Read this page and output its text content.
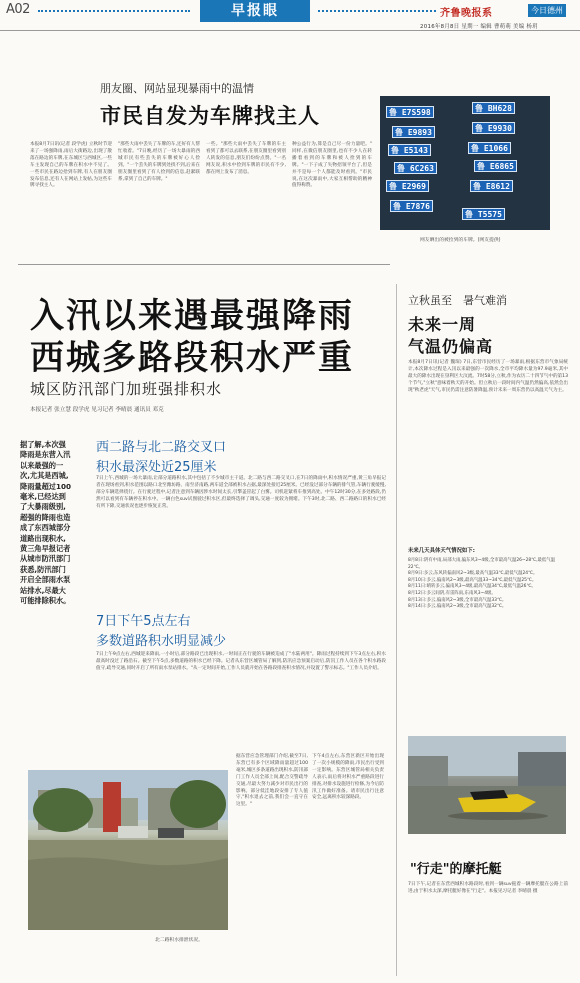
A02	早报眼	齐鲁晚报系	今日德州
2016年8月8日 星期一 编辑 曹萌萌 美编 杨玥
朋友圈、网站显现暴雨中的温情
市民自发为车牌找主人
本报8月7日讯(记者 段学虎) 立秋时节迎来了一场强降雨,雨后大街路边,出现了散落在路边的车牌,在东城区与西城区,一些车主发现自己的车牌在积水中不见了。一些市民在路边拾到车牌,有人在朋友圈发布信息,还有人在网站上发帖,为这些车牌寻找主人。
"那些大雨中丢失了车牌的车,还好有人帮忙收着。"7日晚,经历了一场大暴雨的西城市民有些丢失的车牌被好心人捡到。"一个丢失的车牌到处找不到,后来在朋友圈里看到了有人捡到的信息,赶紧联系,拿到了自己的车牌。"
一些。"那些大雨中丢失了车牌的车主看到了都可以去联系,在朋友圈里看到别人转发的信息,朋友们纷纷点赞。"一名网友说,积水中捡到车牌的市民有不少,都在网上发布了消息。
种公益行为,算是自己尽一份力量吧。" 同样,在微信朋友圈里,也有不少人在转播着看到的车牌和被人捡到的车牌。"一下子成了失物招领平台了,但是并不是每一个人都能及时看到。"市民说,在这次暴雨中,大家互相帮助的精神值得称赞。
鲁 E7S598	鲁 BH628
鲁 E9893	鲁 E9930
鲁 E5143	鲁 E1066
鲁 6C263	鲁 E6865
鲁 E2969	鲁 E8612
鲁 E7876
鲁 T5575
网友晒出的被捡到的车牌。(网友提供)
入汛以来遇最强降雨
西城多路段积水严重
城区防汛部门加班强排积水
本报记者 张立慧 段学虎 见习记者 李晴晨 通讯员 邓克
据了解,本次强降雨是东营入汛以来最强的一次,尤其是西城,降雨量超过100毫米,已经达到了大暴雨级别,超强的降雨也造成了东西城部分道路出现积水,黄三角早报记者从城市防汛部门获悉,防汛部门开启全部雨水泵站排水,尽最大可能排除积水。
西二路与北二路交叉口
积水最深处近25厘米
7日上午,西城的一场大暴雨,让部分道路积水,其中包括了不少城市主干道。北二路与西二路交叉口,在7日的降雨中,积水情况严重,黄三角早报记者在现场看到,积水范围以路口北至潍坊路、南至济南路,两车道全部被积水占据,最深处接近25厘米。已经没过部分车辆的排气管,车辆行驶缓慢,部分车辆选择绕行。在行驶过程中,记者注意到车辆因涉水时间太长,引擎盖冒起了白雾。司机赶紧将车推到高处。中午12时30分,在多处路段,仍然可以看到有车辆停在积水中。一辆白色suv试图驶过积水区,但最终选择了调头,交通一度较为拥堵。下午3时,北二路、西二路路口的积水已经有所下降,交通状况也逐步恢复正常。
7日下午5点左右
多数道路积水明显减少
7日上午9点左右,西城迎来降雨,一小时后,部分路段已出现积水,一时间正在行驶的车辆被迫成了"水陆两用"。降雨过程持续到下午3点左右,积水最高时没过了路沿石。截至下午5点,多数道路的积水已经下降。记者从东营区城管局了解到,防汛应急预案启动后,防汛工作人员在各个积水路段值守,疏导交通,同时开启了所有雨水泵站排水。"从一定时间开始,工作人员就开始在各路段排查积水情况,并设置了警示标志。"工作人员介绍。
北二路积水排泄状况。
据东营应急管理部门介绍,截至7日,东营已有多个区域降雨量超过100毫米,城区多条道路出现积水,防汛部门工作人员全部上岗,配合交警疏导交通,尽最大努力减少对市民出行的影响。部分低洼地段安排了专人值守,"积水退去之前,我们会一直守在这里。"
下午4点左右,东营区新区开始出现了一次小规模的降雨,市民出行受到一定影响。东营区城管局相关负责人表示,雨后将对积水严重路段进行排查,对排水设施进行检修,为今后防汛工作做好准备。请市民出行注意安全,远离积水较深路段。
立秋虽至　暑气难消
未来一周
气温仍偏高
本报8月7日讯(记者 魏琛) 7日,东营市民经历了一场暴雨,根据东营市气象局统计,本次降水过程是入汛以来最强的一次降水,全市平均降水量为97.9毫米,其中最大的降水出现在垦利区大汶流。7时58分,立秋,作为农历二十四节气中的第13个节气,"立秋"意味着秋天的开始。但立秋后一段时间内气温仍然偏高,依然会出现"秋老虎"天气,市民仍需注意防暑降温,预计未来一周东营仍以高温天气为主。
未来几天具体天气情况如下:
8月8日:阴有中雨,局部大雨,偏东风3~4级,全市最高气温26~28℃,最低气温22℃。
8月9日:多云,东风转偏南风2~3级,最高气温33℃,最低气温24℃。
8月10日:多云,偏南风2~3级,最高气温33~34℃,最低气温25℃。
8月11日:晴转多云,偏南风3~4级,最高气温34℃,最低气温26℃。
8月12日:多云间阴,有雷阵雨,东南风3~4级。
8月13日:多云,偏南风2~3级,全市最高气温33℃。
8月14日:多云,偏南风2~3级,全市最高气温32℃。
"行走"的摩托艇
7日下午,记者在东营西城积水路段时,看到一辆suv拖着一辆摩托艇在公路上前进,由于积水太深,摩托艇好像在"行走"。本报见习记者 李晴晨 摄
